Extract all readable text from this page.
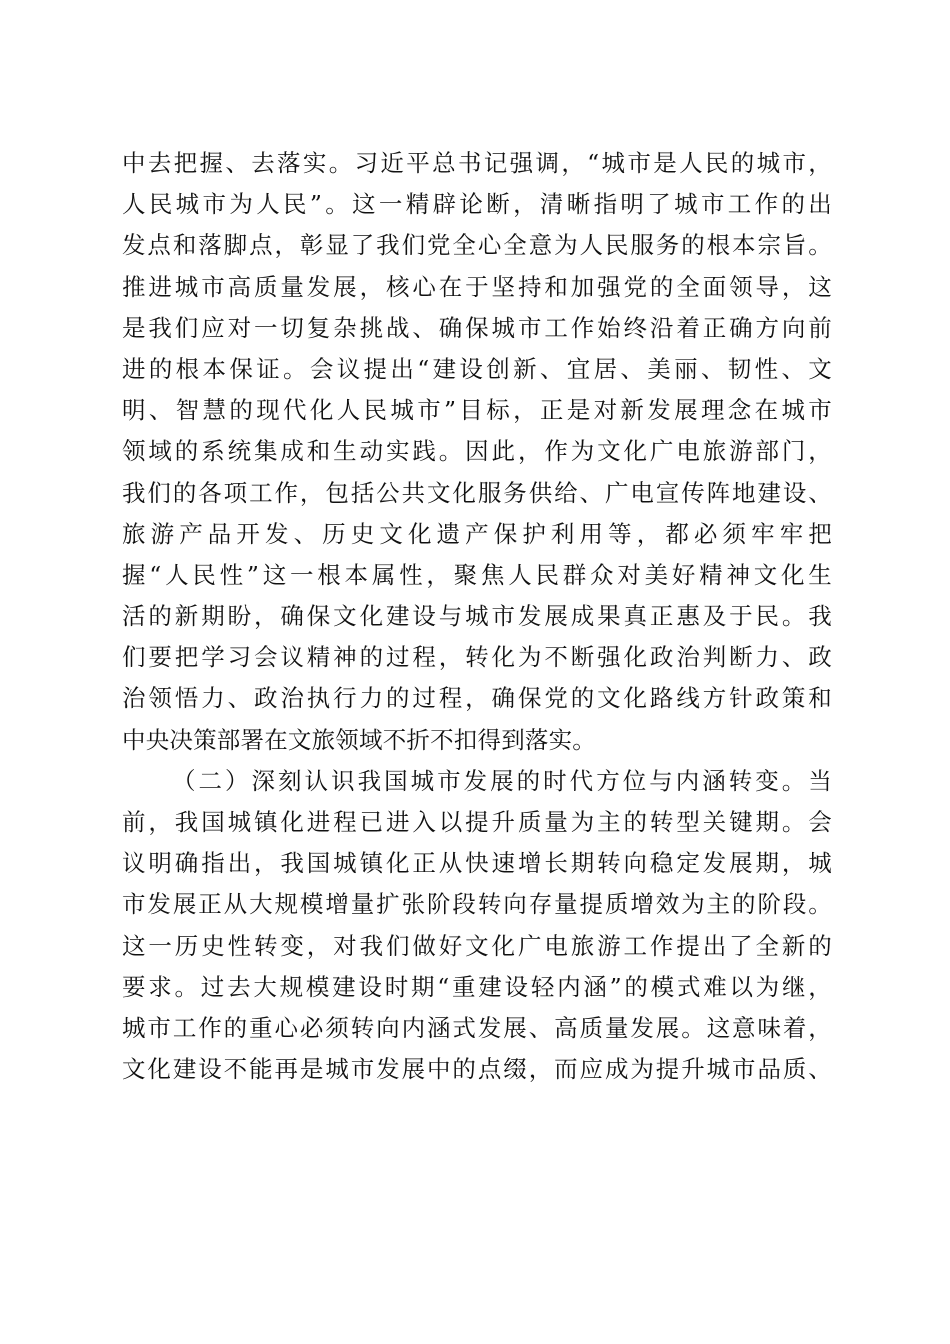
中去把握、去落实。习近平总书记强调，“城市是人民的城市，
人民城市为人民”。这一精辟论断，清晰指明了城市工作的出
发点和落脚点，彰显了我们党全心全意为人民服务的根本宗旨。
推进城市高质量发展，核心在于坚持和加强党的全面领导，这
是我们应对一切复杂挑战、确保城市工作始终沿着正确方向前
进的根本保证。会议提出“建设创新、宜居、美丽、韧性、文
明、智慧的现代化人民城市”目标，正是对新发展理念在城市
领域的系统集成和生动实践。因此，作为文化广电旅游部门，
我们的各项工作，包括公共文化服务供给、广电宣传阵地建设、
旅游产品开发、历史文化遗产保护利用等，都必须牢牢把
握“人民性”这一根本属性，聚焦人民群众对美好精神文化生
活的新期盼，确保文化建设与城市发展成果真正惠及于民。我
们要把学习会议精神的过程，转化为不断强化政治判断力、政
治领悟力、政治执行力的过程，确保党的文化路线方针政策和
中央决策部署在文旅领域不折不扣得到落实。
（二）深刻认识我国城市发展的时代方位与内涵转变。当
前，我国城镇化进程已进入以提升质量为主的转型关键期。会
议明确指出，我国城镇化正从快速增长期转向稳定发展期，城
市发展正从大规模增量扩张阶段转向存量提质增效为主的阶段。
这一历史性转变，对我们做好文化广电旅游工作提出了全新的
要求。过去大规模建设时期“重建设轻内涵”的模式难以为继，
城市工作的重心必须转向内涵式发展、高质量发展。这意味着，
文化建设不能再是城市发展中的点缀，而应成为提升城市品质、
